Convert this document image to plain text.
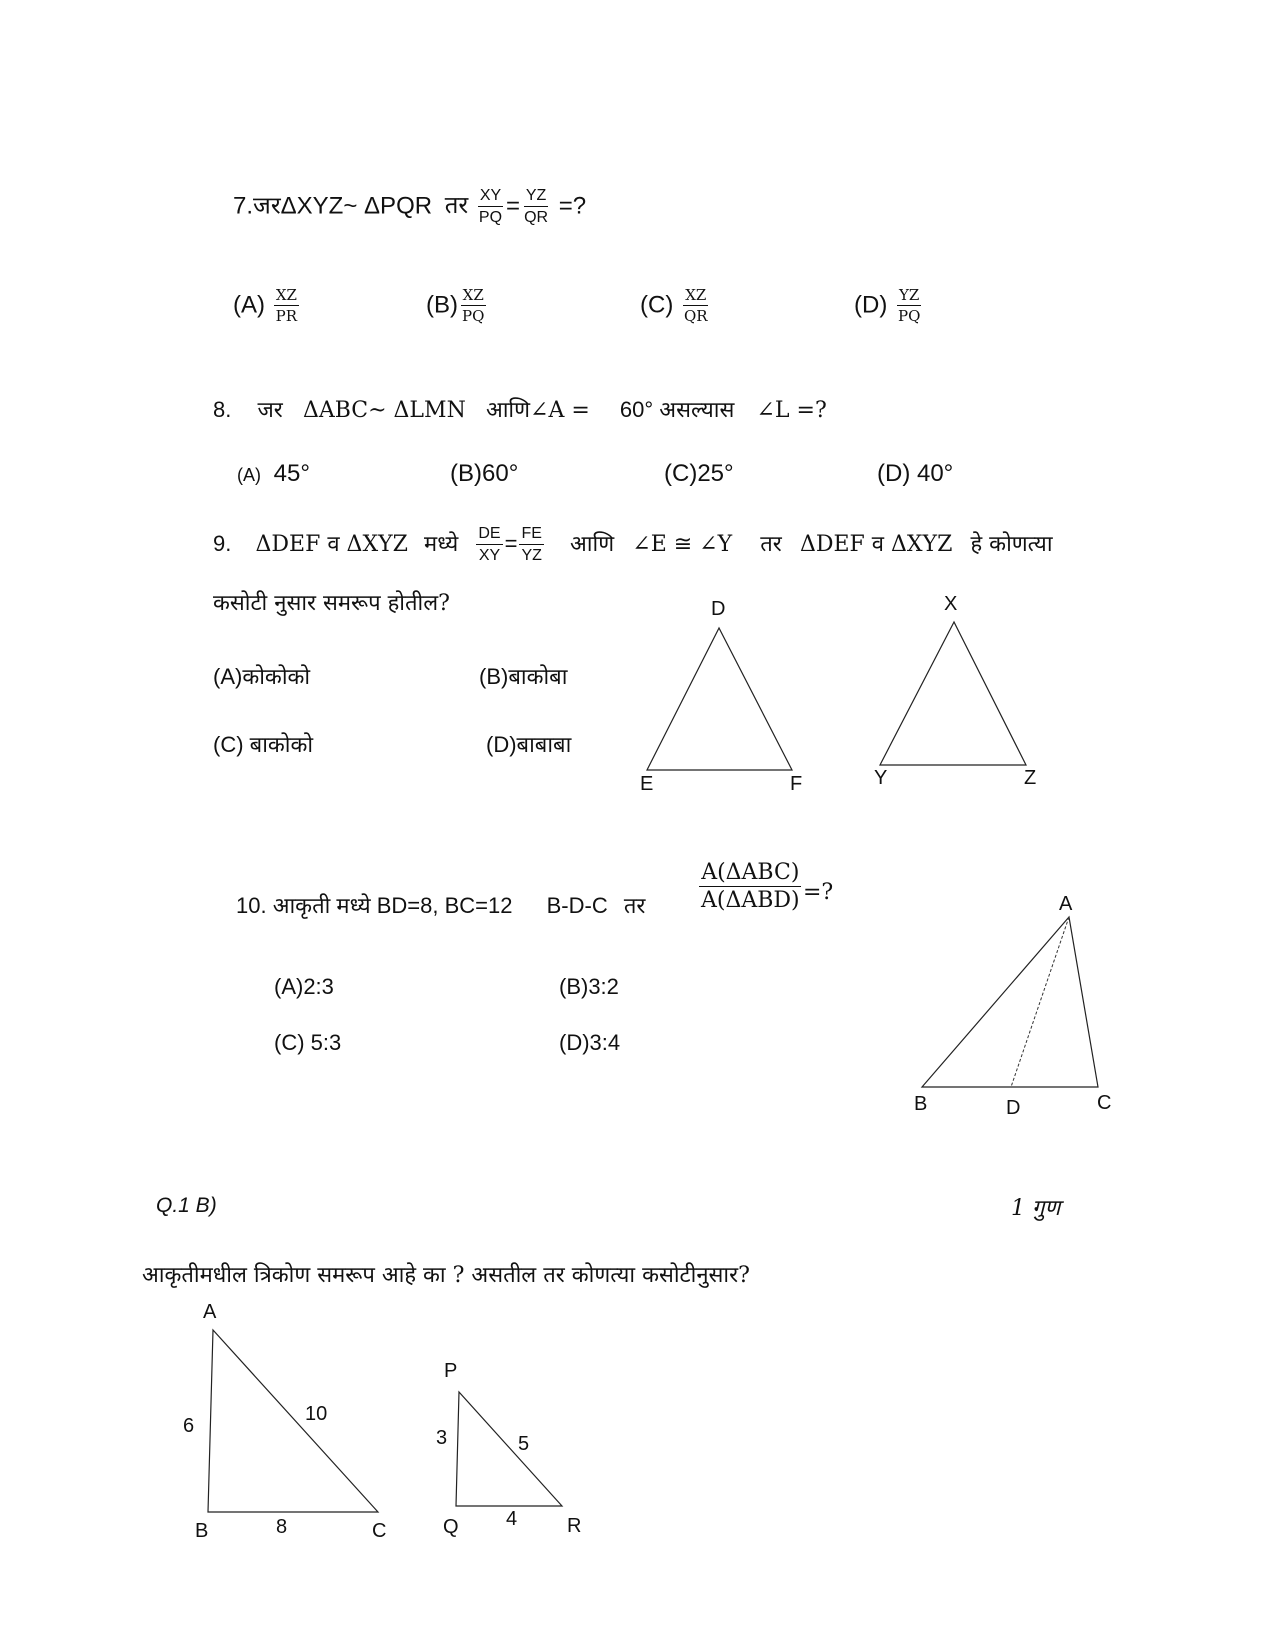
7.जरΔXYZ~ ΔPQR तर $\frac{XY}{PQ} = \frac{YZ}{QR}$ =?
$(A) \frac{XZ}{PR}$	$(B) \frac{XZ}{PQ}$	$(C) \frac{XZ}{QR}$	$(D) \frac{YZ}{PQ}$
8. जर ΔABC~ ΔLMN आणि∠A = 60° असल्यास ∠L =?
(A) 45°	(B)60°	(C)25°	(D) 40°
9. ΔDEF व ΔXYZ मध्ये $\frac{DE}{XY} = \frac{FE}{YZ}$ आणि ∠E ≅ ∠Y तर ΔDEF व ΔXYZ हे कोणत्या
कसोटी नुसार समरूप होतील?
(A)कोकोको	(B)बाकोबा
(C) बाकोको	(D)बाबाबा
D
E	F
X
Y	Z
10. आकृती मध्ये BD=8, BC=12 B-D-C तर $\frac{\text{A(ΔABC)}}{\text{A(ΔABD)}}$ =?
(A)2:3	(B)3:2
(C) 5:3	(D)3:4
A
B	D	C
Q.1 B)	1 गुण
आकृतीमधील त्रिकोण समरूप आहे का ? असतील तर कोणत्या कसोटीनुसार?
A
B	C
6
10
8
P
Q	R
3	5
4
